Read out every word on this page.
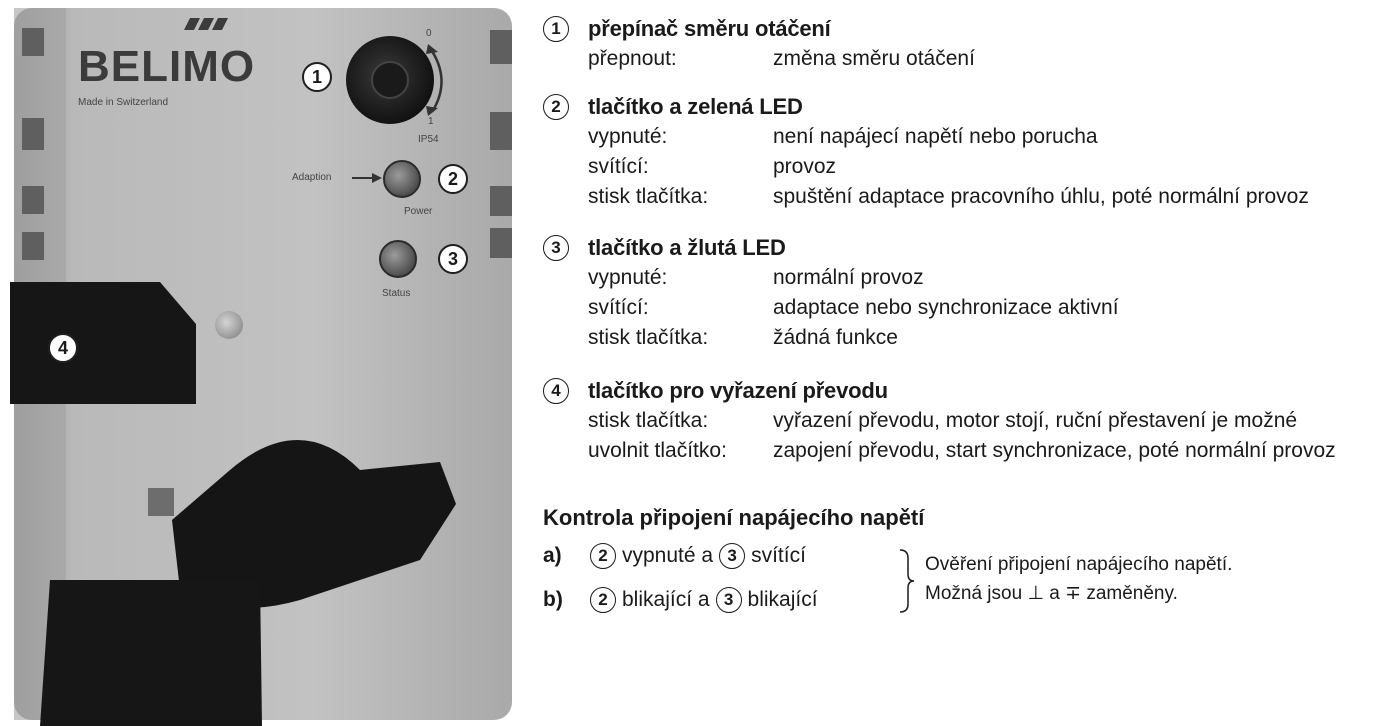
BELIMO
Made in Switzerland
0
1
IP54
Adaption
Power
Status
1
2
3
4
1	přepínač směru otáčení
přepnout:	změna směru otáčení
2	tlačítko a zelená LED
vypnuté:	není napájecí napětí nebo porucha
svítící:	provoz
stisk tlačítka:	spuštění adaptace pracovního úhlu, poté normální provoz
3	tlačítko a žlutá LED
vypnuté:	normální provoz
svítící:	adaptace nebo synchronizace aktivní
stisk tlačítka:	žádná funkce
4	tlačítko pro vyřazení převodu
stisk tlačítka:	vyřazení převodu, motor stojí, ruční přestavení je možné
uvolnit tlačítko:	zapojení převodu, start synchronizace, poté normální provoz
Kontrola připojení napájecího napětí
a)	2 vypnuté a 3 svítící
b)	2 blikající a 3 blikající
Ověření připojení napájecího napětí.
Možná jsou ⊥ a ∓ zaměněny.
